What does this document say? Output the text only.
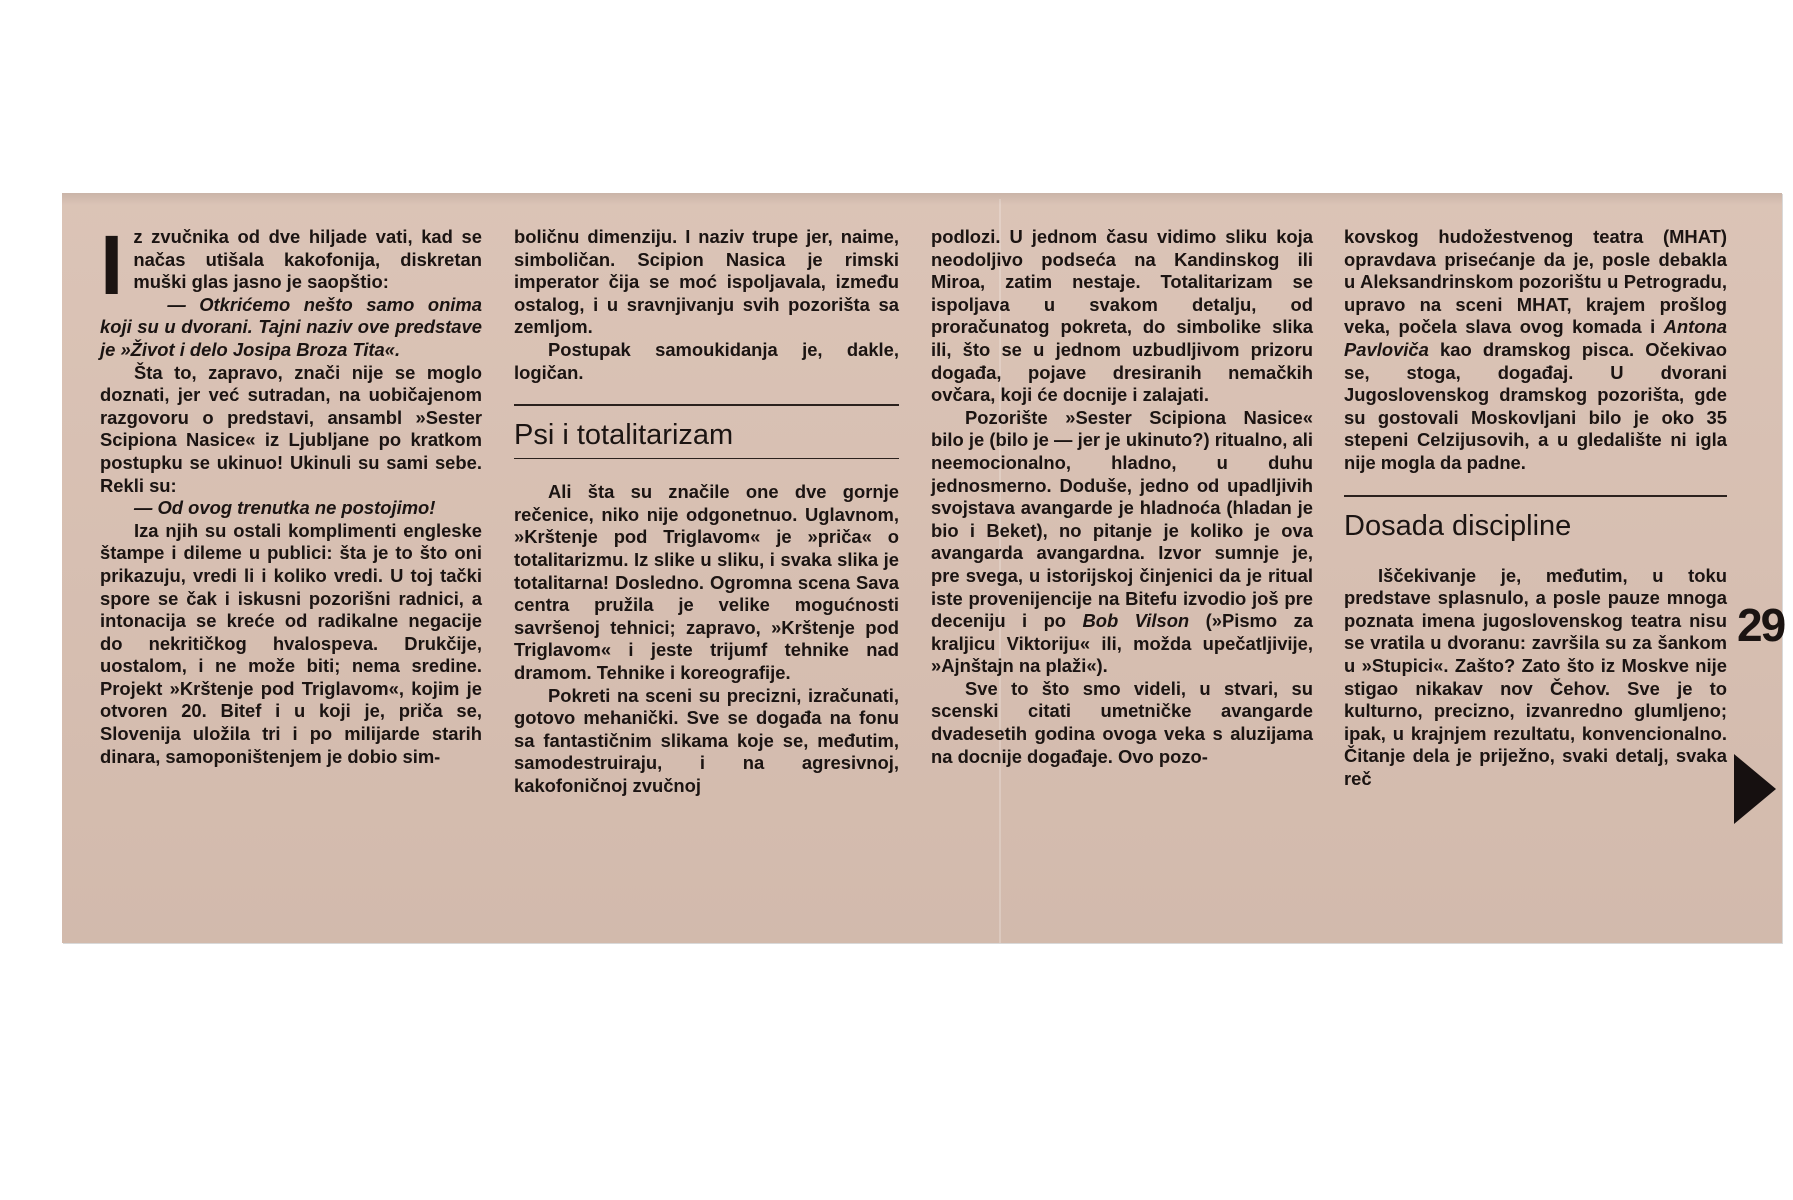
I z zvučnika od dve hiljade vati, kad se načas utišala kakofonija, diskretan muški glas jasno je saopštio:

— Otkrićemo nešto samo onima koji su u dvorani. Tajni naziv ove predstave je »Život i delo Josipa Broza Tita«.

Šta to, zapravo, znači nije se moglo doznati, jer već sutradan, na uobičajenom razgovoru o predstavi, ansambl »Sester Scipiona Nasice« iz Ljubljane po kratkom postupku se ukinuo! Ukinuli su sami sebe. Rekli su:

— Od ovog trenutka ne postojimo!

Iza njih su ostali komplimenti engleske štampe i dileme u publici: šta je to što oni prikazuju, vredi li i koliko vredi. U toj tački spore se čak i iskusni pozorišni radnici, a intonacija se kreće od radikalne negacije do nekritičkog hvalospeva. Drukčije, uostalom, i ne može biti; nema sredine. Projekt »Krštenje pod Triglavom«, kojim je otvoren 20. Bitef i u koji je, priča se, Slovenija uložila tri i po milijarde starih dinara, samoponištenjem je dobio sim-

boličnu dimenziju. I naziv trupe jer, naime, simboličan. Scipion Nasica je rimski imperator čija se moć ispoljavala, između ostalog, i u sravnjivanju svih pozorišta sa zemljom.

Postupak samoukidanja je, dakle, logičan.

Psi i totalitarizam

Ali šta su značile one dve gornje rečenice, niko nije odgonetnuo. Uglavnom, »Krštenje pod Triglavom« je »priča« o totalitarizmu. Iz slike u sliku, i svaka slika je totalitarna! Dosledno. Ogromna scena Sava centra pružila je velike mogućnosti savršenoj tehnici; zapravo, »Krštenje pod Triglavom« i jeste trijumf tehnike nad dramom. Tehnike i koreografije.

Pokreti na sceni su precizni, izračunati, gotovo mehanički. Sve se događa na fonu sa fantastičnim slikama koje se, međutim, samodestruiraju, i na agresivnoj, kakofoničnoj zvučnoj

podlozi. U jednom času vidimo sliku koja neodoljivo podseća na Kandinskog ili Miroa, zatim nestaje. Totalitarizam se ispoljava u svakom detalju, od proračunatog pokreta, do simbolike slika ili, što se u jednom uzbudljivom prizoru događa, pojave dresiranih nemačkih ovčara, koji će docnije i zalajati.

Pozorište »Sester Scipiona Nasice« bilo je (bilo je — jer je ukinuto?) ritualno, ali neemocionalno, hladno, u duhu jednosmerno. Doduše, jedno od upadljivih svojstava avangarde je hladnoća (hladan je bio i Beket), no pitanje je koliko je ova avangarda avangardna. Izvor sumnje je, pre svega, u istorijskoj činjenici da je ritual iste provenijencije na Bitefu izvodio još pre deceniju i po Bob Vilson (»Pismo za kraljicu Viktoriju« ili, možda upečatljivije, »Ajnštajn na plaži«).

Sve to što smo videli, u stvari, su scenski citati umetničke avangarde dvadesetih godina ovoga veka s aluzijama na docnije događaje. Ovo pozo-

kovskog hudožestvenog teatra (MHAT) opravdava prisećanje da je, posle debakla u Aleksandrinskom pozorištu u Petrogradu, upravo na sceni MHAT, krajem prošlog veka, počela slava ovog komada i Antona Pavloviča kao dramskog pisca. Očekivao se, stoga, događaj. U dvorani Jugoslovenskog dramskog pozorišta, gde su gostovali Moskovljani bilo je oko 35 stepeni Celzijusovih, a u gledalište ni igla nije mogla da padne.

Dosada discipline

Iščekivanje je, međutim, u toku predstave splasnulo, a posle pauze mnoga poznata imena jugoslovenskog teatra nisu se vratila u dvoranu: završila su za šankom u »Stupici«. Zašto? Zato što iz Moskve nije stigao nikakav nov Čehov. Sve je to kulturno, precizno, izvanredno glumljeno; ipak, u krajnjem rezultatu, konvencionalno. Čitanje dela je priježno, svaki detalj, svaka reč

29
